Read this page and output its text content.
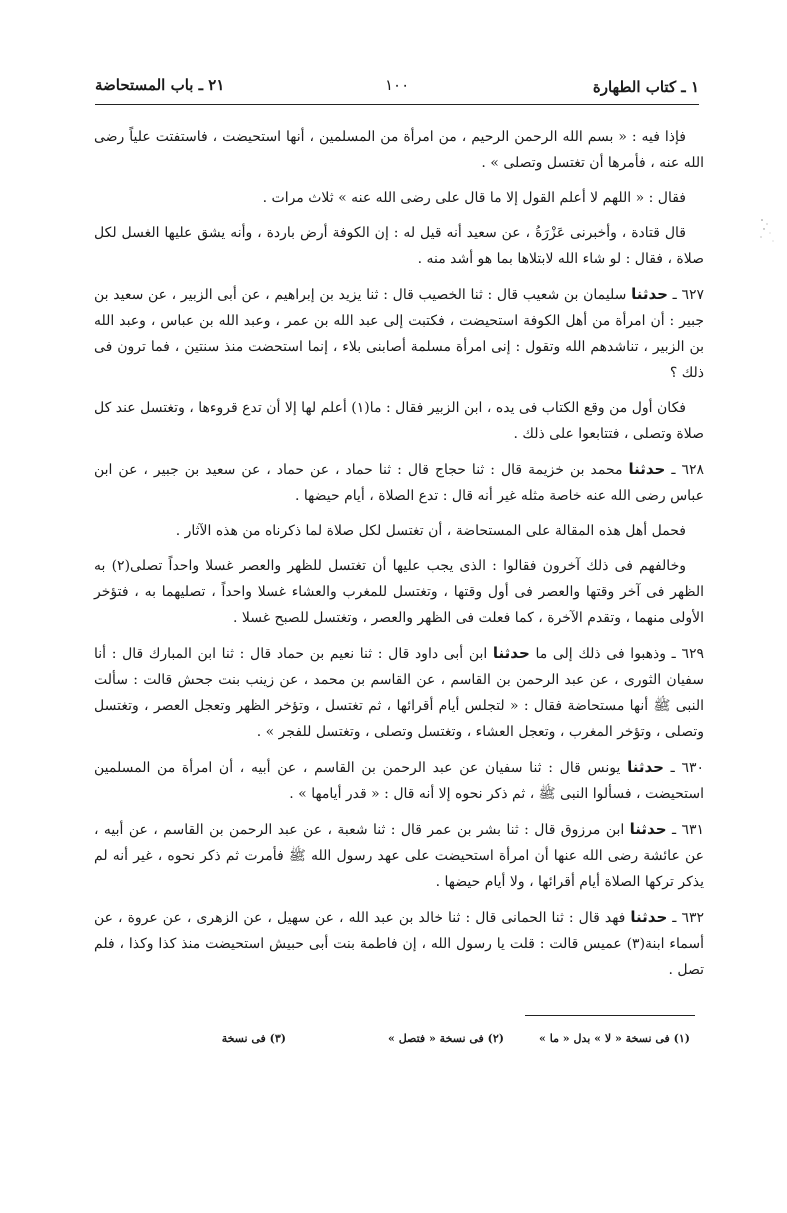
١ ـ كتاب الطهارة
١٠٠
٢١ ـ باب المستحاضة

فإذا فيه : « بسم الله الرحمن الرحيم ، من امرأة من المسلمين ، أنها استحيضت ، فاستفتت علياً رضى الله عنه ، فأمرها أن تغتسل وتصلى » .

فقال : « اللهم لا أعلم القول إلا ما قال على رضى الله عنه » ثلاث مرات .

قال قتادة ، وأخبرنى عَزْرَةُ ، عن سعيد أنه قيل له : إن الكوفة أرض باردة ، وأنه يشق عليها الغسل لكل صلاة ، فقال : لو شاء الله لابتلاها بما هو أشد منه .

٦٢٧ ـ حدثنا سليمان بن شعيب قال : ثنا الخصيب قال : ثنا يزيد بن إبراهيم ، عن أبى الزبير ، عن سعيد بن جبير : أن امرأة من أهل الكوفة استحيضت ، فكتبت إلى عبد الله بن عمر ، وعبد الله بن عباس ، وعبد الله بن الزبير ، تناشدهم الله وتقول : إنى امرأة مسلمة أصابنى بلاء ، إنما استحضت منذ سنتين ، فما ترون فى ذلك ؟

فكان أول من وقع الكتاب فى يده ، ابن الزبير فقال : ما(١) أعلم لها إلا أن تدع قروءها ، وتغتسل عند كل صلاة وتصلى ، فتتابعوا على ذلك .

٦٢٨ ـ حدثنا محمد بن خزيمة قال : ثنا حجاج قال : ثنا حماد ، عن حماد ، عن سعيد بن جبير ، عن ابن عباس رضى الله عنه خاصة مثله غير أنه قال : تدع الصلاة ، أيام حيضها .

فحمل أهل هذه المقالة على المستحاضة ، أن تغتسل لكل صلاة لما ذكرناه من هذه الآثار .

وخالفهم فى ذلك آخرون فقالوا : الذى يجب عليها أن تغتسل للظهر والعصر غسلا واحداً تصلى(٢) به الظهر فى آخر وقتها والعصر فى أول وقتها ، وتغتسل للمغرب والعشاء غسلا واحداً ، تصليهما به ، فتؤخر الأولى منهما ، وتقدم الآخرة ، كما فعلت فى الظهر والعصر ، وتغتسل للصبح غسلا .

٦٢٩ ـ وذهبوا فى ذلك إلى ما حدثنا ابن أبى داود قال : ثنا نعيم بن حماد قال : ثنا ابن المبارك قال : أنا سفيان الثورى ، عن عبد الرحمن بن القاسم ، عن القاسم بن محمد ، عن زينب بنت جحش قالت : سألت النبى ﷺ أنها مستحاضة فقال : « لتجلس أيام أقرائها ، ثم تغتسل ، وتؤخر الظهر وتعجل العصر ، وتغتسل وتصلى ، وتؤخر المغرب ، وتعجل العشاء ، وتغتسل وتصلى ، وتغتسل للفجر » .

٦٣٠ ـ حدثنا يونس قال : ثنا سفيان عن عبد الرحمن بن القاسم ، عن أبيه ، أن امرأة من المسلمين استحيضت ، فسألوا النبى ﷺ ، ثم ذكر نحوه إلا أنه قال : « قدر أيامها » .

٦٣١ ـ حدثنا ابن مرزوق قال : ثنا بشر بن عمر قال : ثنا شعبة ، عن عبد الرحمن بن القاسم ، عن أبيه ، عن عائشة رضى الله عنها أن امرأة استحيضت على عهد رسول الله ﷺ فأمرت ثم ذكر نحوه ، غير أنه لم يذكر تركها الصلاة أيام أقرائها ، ولا أيام حيضها .

٦٣٢ ـ حدثنا فهد قال : ثنا الحمانى قال : ثنا خالد بن عبد الله ، عن سهيل ، عن الزهرى ، عن عروة ، عن أسماء ابنة(٣) عميس قالت : قلت يا رسول الله ، إن فاطمة بنت أبى حبيش استحيضت منذ كذا وكذا ، فلم تصل .

(١) فى نسخة « لا » بدل « ما »
(٢) فى نسخة « فتصل »
(٣) فى نسخة
